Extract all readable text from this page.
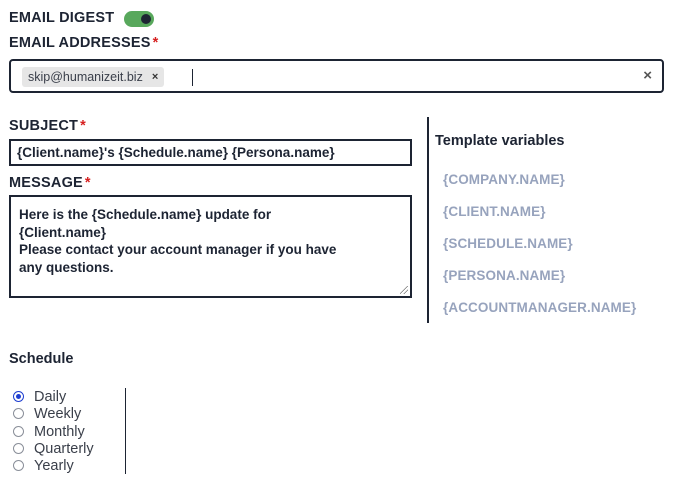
EMAIL DIGEST
EMAIL ADDRESSES *
skip@humanizeit.biz ×	×
SUBJECT *
{Client.name}'s {Schedule.name} {Persona.name}
MESSAGE *
Here is the {Schedule.name} update for
{Client.name}
Please contact your account manager if you have
any questions.
Template variables
{COMPANY.NAME}
{CLIENT.NAME}
{SCHEDULE.NAME}
{PERSONA.NAME}
{ACCOUNTMANAGER.NAME}
Schedule
Daily
Weekly
Monthly
Quarterly
Yearly
